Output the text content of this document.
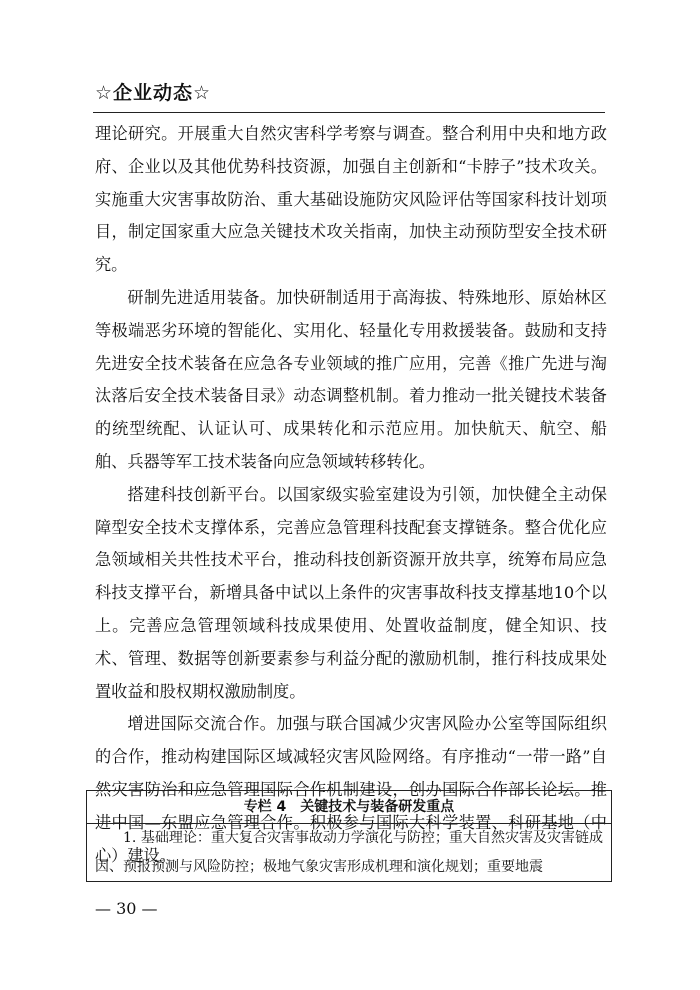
☆企业动态☆

理论研究。开展重大自然灾害科学考察与调查。整合利用中央和地方政府、企业以及其他优势科技资源，加强自主创新和“卡脖子”技术攻关。实施重大灾害事故防治、重大基础设施防灾风险评估等国家科技计划项目，制定国家重大应急关键技术攻关指南，加快主动预防型安全技术研究。

研制先进适用装备。加快研制适用于高海拔、特殊地形、原始林区等极端恶劣环境的智能化、实用化、轻量化专用救援装备。鼓励和支持先进安全技术装备在应急各专业领域的推广应用，完善《推广先进与淘汰落后安全技术装备目录》动态调整机制。着力推动一批关键技术装备的统型统配、认证认可、成果转化和示范应用。加快航天、航空、船舶、兵器等军工技术装备向应急领域转移转化。

搭建科技创新平台。以国家级实验室建设为引领，加快健全主动保障型安全技术支撑体系，完善应急管理科技配套支撑链条。整合优化应急领域相关共性技术平台，推动科技创新资源开放共享，统筹布局应急科技支撑平台，新增具备中试以上条件的灾害事故科技支撑基地10个以上。完善应急管理领域科技成果使用、处置收益制度，健全知识、技术、管理、数据等创新要素参与利益分配的激励机制，推行科技成果处置收益和股权期权激励制度。

增进国际交流合作。加强与联合国减少灾害风险办公室等国际组织的合作，推动构建国际区域减轻灾害风险网络。有序推动“一带一路”自然灾害防治和应急管理国际合作机制建设，创办国际合作部长论坛。推进中国—东盟应急管理合作。积极参与国际大科学装置、科研基地（中心）建设。

专栏 4　关键技术与装备研发重点
1. 基础理论：重大复合灾害事故动力学演化与防控；重大自然灾害及灾害链成因、预报预测与风险防控；极地气象灾害形成机理和演化规划；重要地震
— 30 —
